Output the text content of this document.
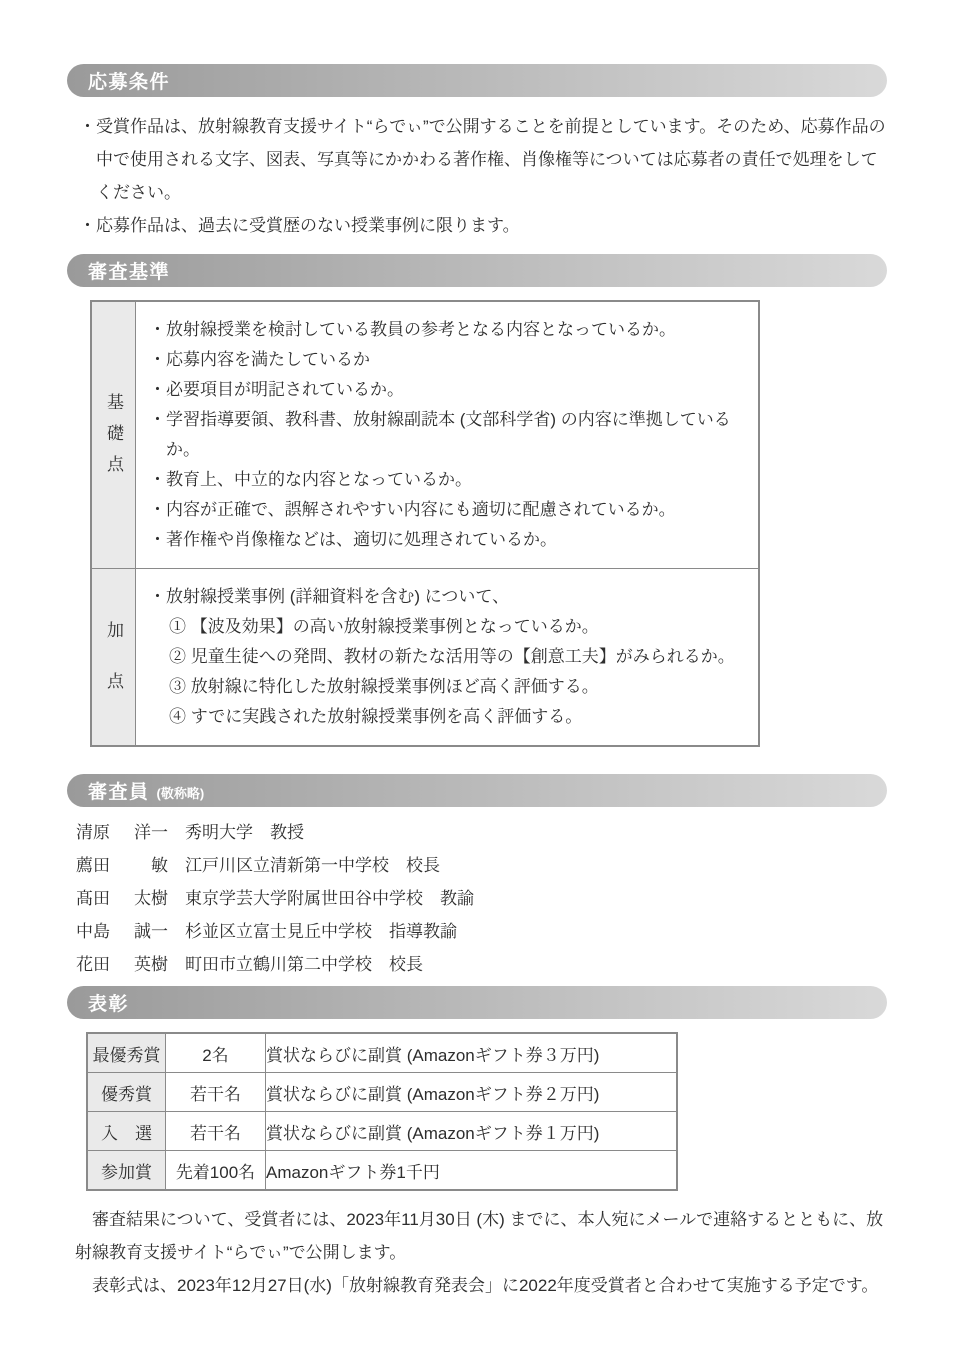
応募条件
・ 受賞作品は、放射線教育支援サイト“らでぃ”で公開することを前提としています。そのため、応募作品の中で使用される文字、図表、写真等にかかわる著作権、肖像権等については応募者の責任で処理をしてください。
・ 応募作品は、過去に受賞歴のない授業事例に限ります。
審査基準
基礎点	
・ 放射線授業を検討している教員の参考となる内容となっているか。
・ 応募内容を満たしているか
・ 必要項目が明記されているか。
・ 学習指導要領、教科書、放射線副読本 (文部科学省) の内容に準拠しているか。
・ 教育上、中立的な内容となっているか。
・ 内容が正確で、誤解されやすい内容にも適切に配慮されているか。
・ 著作権や肖像権などは、適切に処理されているか。

加点	
・ 放射線授業事例 (詳細資料を含む) について、
① 【波及効果】の高い放射線授業事例となっているか。
② 児童生徒への発問、教材の新たな活用等の【創意工夫】がみられるか。
③ 放射線に特化した放射線授業事例ほど高く評価する。
④ すでに実践された放射線授業事例を高く評価する。
審査員 (敬称略)
清原	洋一 秀明大学 教授
薦田	敏 江戸川区立清新第一中学校 校長
髙田	太樹 東京学芸大学附属世田谷中学校 教諭
中島	誠一 杉並区立富士見丘中学校 指導教諭
花田	英樹 町田市立鶴川第二中学校 校長
表彰
最優秀賞	2名	賞状ならびに副賞 (Amazonギフト券３万円)
優秀賞	若干名	賞状ならびに副賞 (Amazonギフト券２万円)
入　選	若干名	賞状ならびに副賞 (Amazonギフト券１万円)
参加賞	先着100名	Amazonギフト券1千円

審査結果について、受賞者には、2023年11月30日 (木) までに、本人宛にメールで連絡するとともに、放射線教育支援サイト“らでぃ”で公開します。

表彰式は、2023年12月27日(水)「放射線教育発表会」に2022年度受賞者と合わせて実施する予定です。
